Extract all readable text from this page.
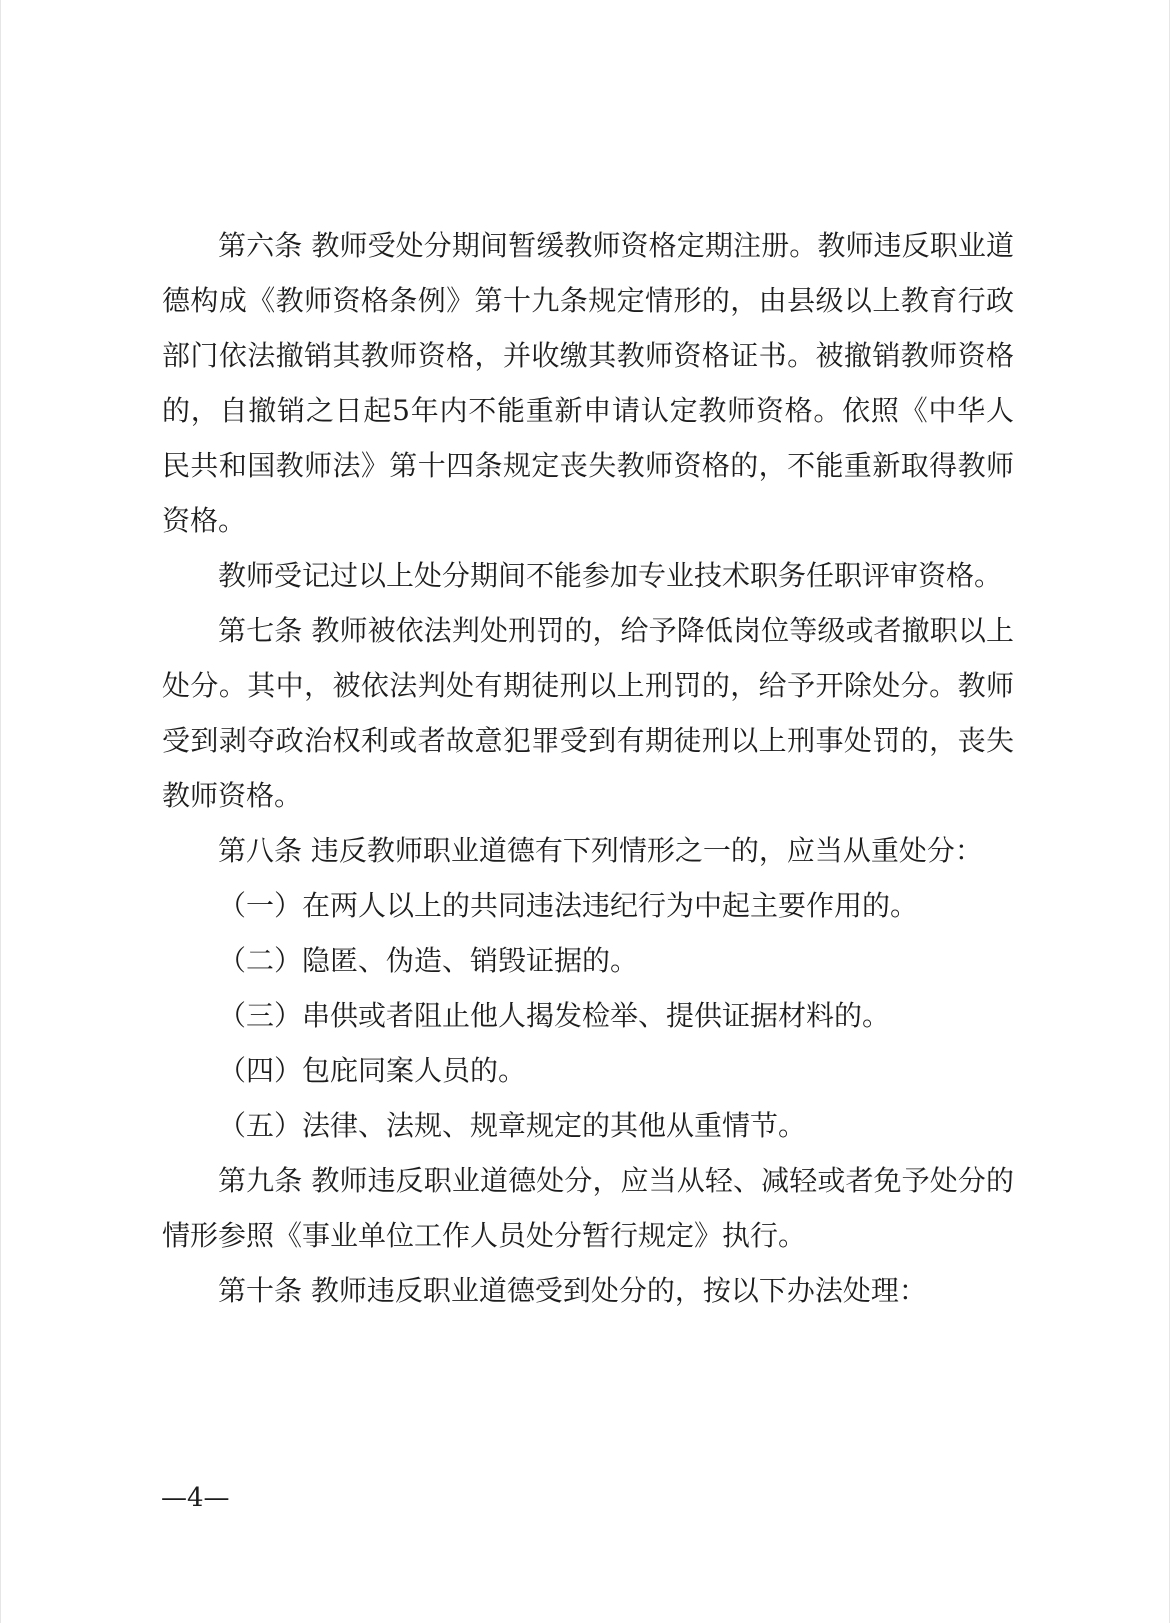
第六条 教师受处分期间暂缓教师资格定期注册。教师违反职业道德构成《教师资格条例》第十九条规定情形的，由县级以上教育行政部门依法撤销其教师资格，并收缴其教师资格证书。被撤销教师资格的，自撤销之日起5年内不能重新申请认定教师资格。依照《中华人民共和国教师法》第十四条规定丧失教师资格的，不能重新取得教师资格。

教师受记过以上处分期间不能参加专业技术职务任职评审资格。

第七条 教师被依法判处刑罚的，给予降低岗位等级或者撤职以上处分。其中，被依法判处有期徒刑以上刑罚的，给予开除处分。教师受到剥夺政治权利或者故意犯罪受到有期徒刑以上刑事处罚的，丧失教师资格。

第八条 违反教师职业道德有下列情形之一的，应当从重处分：

（一）在两人以上的共同违法违纪行为中起主要作用的。

（二）隐匿、伪造、销毁证据的。

（三）串供或者阻止他人揭发检举、提供证据材料的。

（四）包庇同案人员的。

（五）法律、法规、规章规定的其他从重情节。

第九条 教师违反职业道德处分，应当从轻、减轻或者免予处分的情形参照《事业单位工作人员处分暂行规定》执行。

第十条 教师违反职业道德受到处分的，按以下办法处理：

—4—
